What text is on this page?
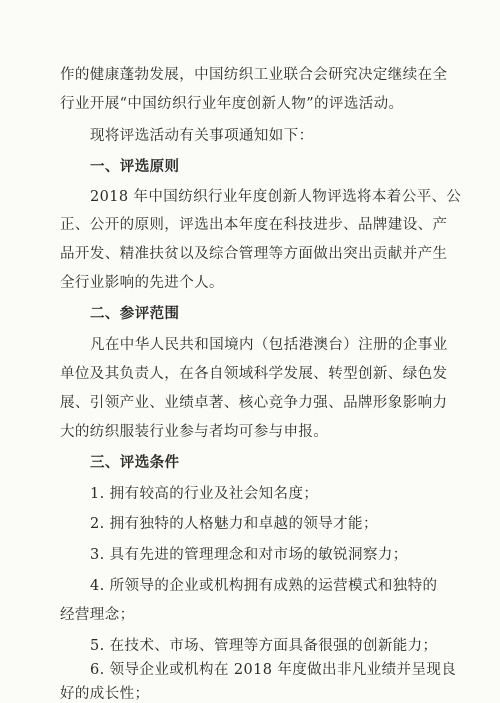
作的健康蓬勃发展，中国纺织工业联合会研究决定继续在全
行业开展“中国纺织行业年度创新人物”的评选活动。
现将评选活动有关事项通知如下：
一、评选原则
2018 年中国纺织行业年度创新人物评选将本着公平、公
正、公开的原则，评选出本年度在科技进步、品牌建设、产
品开发、精准扶贫以及综合管理等方面做出突出贡献并产生
全行业影响的先进个人。
二、参评范围
凡在中华人民共和国境内（包括港澳台）注册的企事业
单位及其负责人，在各自领域科学发展、转型创新、绿色发
展、引领产业、业绩卓著、核心竞争力强、品牌形象影响力
大的纺织服装行业参与者均可参与申报。
三、评选条件
1. 拥有较高的行业及社会知名度；
2. 拥有独特的人格魅力和卓越的领导才能；
3. 具有先进的管理理念和对市场的敏锐洞察力；
4. 所领导的企业或机构拥有成熟的运营模式和独特的
经营理念；
5. 在技术、市场、管理等方面具备很强的创新能力；
6. 领导企业或机构在 2018 年度做出非凡业绩并呈现良
好的成长性；
